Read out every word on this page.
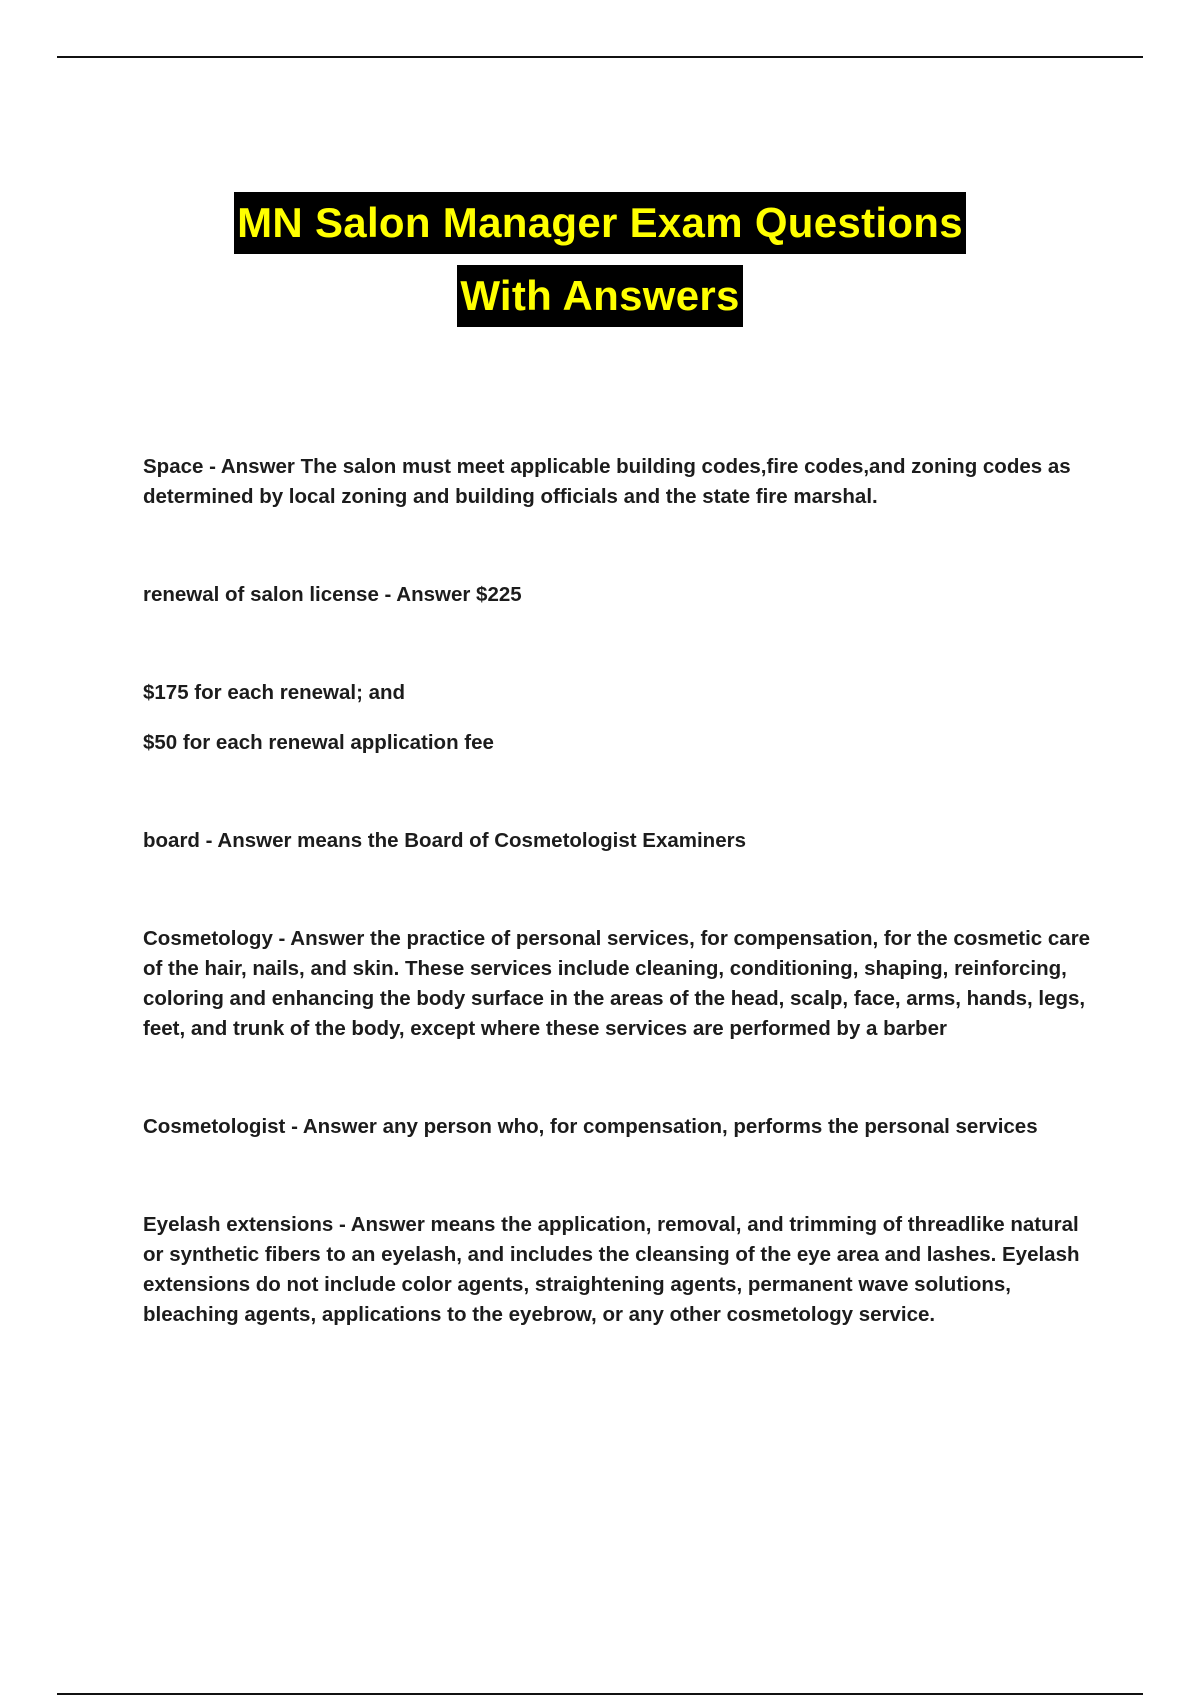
MN Salon Manager Exam Questions
With Answers

Space - Answer The salon must meet applicable building codes,fire codes,and zoning codes as determined by local zoning and building officials and the state fire marshal.

renewal of salon license - Answer $225

$175 for each renewal; and

$50 for each renewal application fee

board - Answer means the Board of Cosmetologist Examiners

Cosmetology - Answer the practice of personal services, for compensation, for the cosmetic care of the hair, nails, and skin. These services include cleaning, conditioning, shaping, reinforcing, coloring and enhancing the body surface in the areas of the head, scalp, face, arms, hands, legs, feet, and trunk of the body, except where these services are performed by a barber

Cosmetologist - Answer any person who, for compensation, performs the personal services

Eyelash extensions - Answer means the application, removal, and trimming of threadlike natural or synthetic fibers to an eyelash, and includes the cleansing of the eye area and lashes. Eyelash extensions do not include color agents, straightening agents, permanent wave solutions, bleaching agents, applications to the eyebrow, or any other cosmetology service.
